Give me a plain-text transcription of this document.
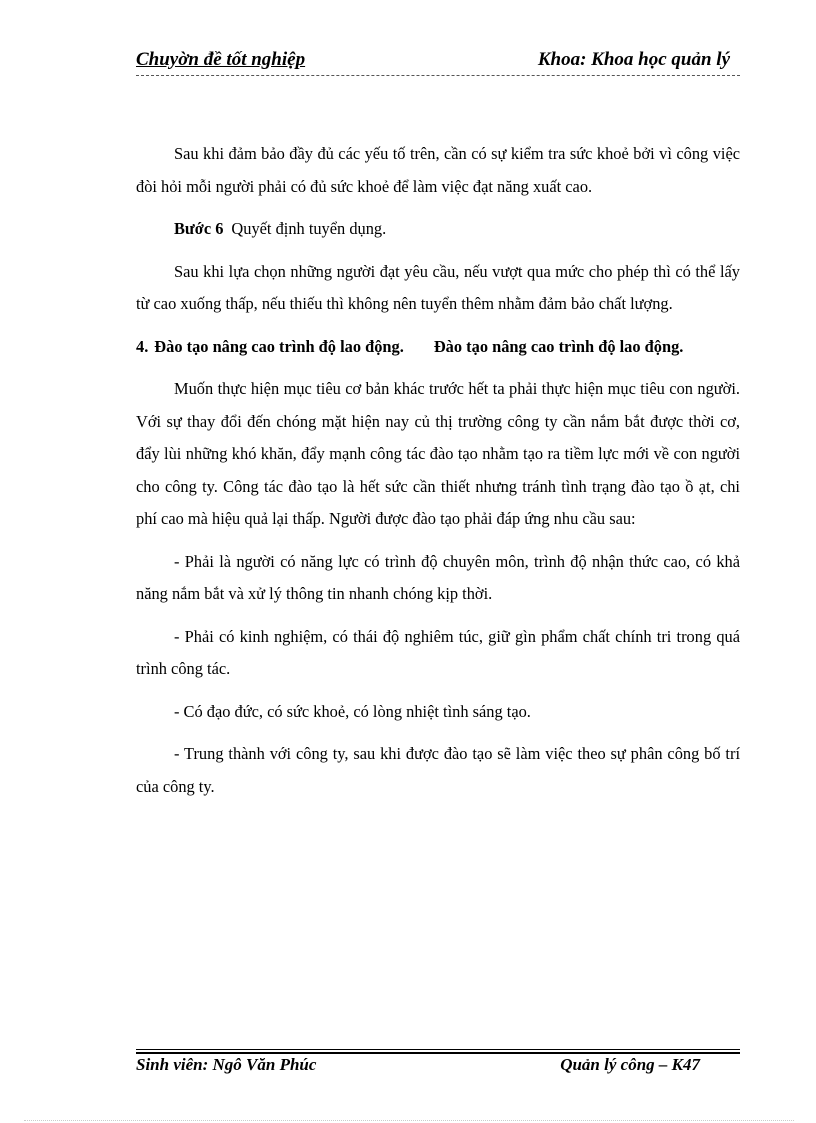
Chuyờn đề tốt nghiệp	Khoa: Khoa học quản lý

Sau khi đảm bảo đầy đủ các yếu tố trên, cần có sự kiểm tra sức khoẻ bởi vì công việc đòi hỏi mỗi người phải có đủ sức khoẻ để làm việc đạt năng xuất cao.

Bước 6 Quyết định tuyển dụng.

Sau khi lựa chọn những người đạt yêu cầu, nếu vượt qua mức cho phép thì có thể lấy từ cao xuống thấp, nếu thiếu thì không nên tuyển thêm nhằm đảm bảo chất lượng.

4. Đào tạo nâng cao trình độ lao động. Đào tạo nâng cao trình độ lao động.

Muốn thực hiện mục tiêu cơ bản khác trước hết ta phải thực hiện mục tiêu con người. Với sự thay đổi đến chóng mặt hiện nay củ thị trường công ty cần nắm bắt được thời cơ, đẩy lùi những khó khăn, đẩy mạnh công tác đào tạo nhằm tạo ra tiềm lực mới về con người cho công ty. Công tác đào tạo là hết sức cần thiết nhưng tránh tình trạng đào tạo ồ ạt, chi phí cao mà hiệu quả lại thấp. Người được đào tạo phải đáp ứng nhu cầu sau:

- Phải là người có năng lực có trình độ chuyên môn, trình độ nhận thức cao, có khả năng nắm bắt và xử lý thông tin nhanh chóng kịp thời.

- Phải có kinh nghiệm, có thái độ nghiêm túc, giữ gìn phẩm chất chính tri trong quá trình công tác.

- Có đạo đức, có sức khoẻ, có lòng nhiệt tình sáng tạo.

- Trung thành với công ty, sau khi được đào tạo sẽ làm việc theo sự phân công bố trí của công ty.

Sinh viên: Ngô Văn Phúc	Quản lý công – K47
